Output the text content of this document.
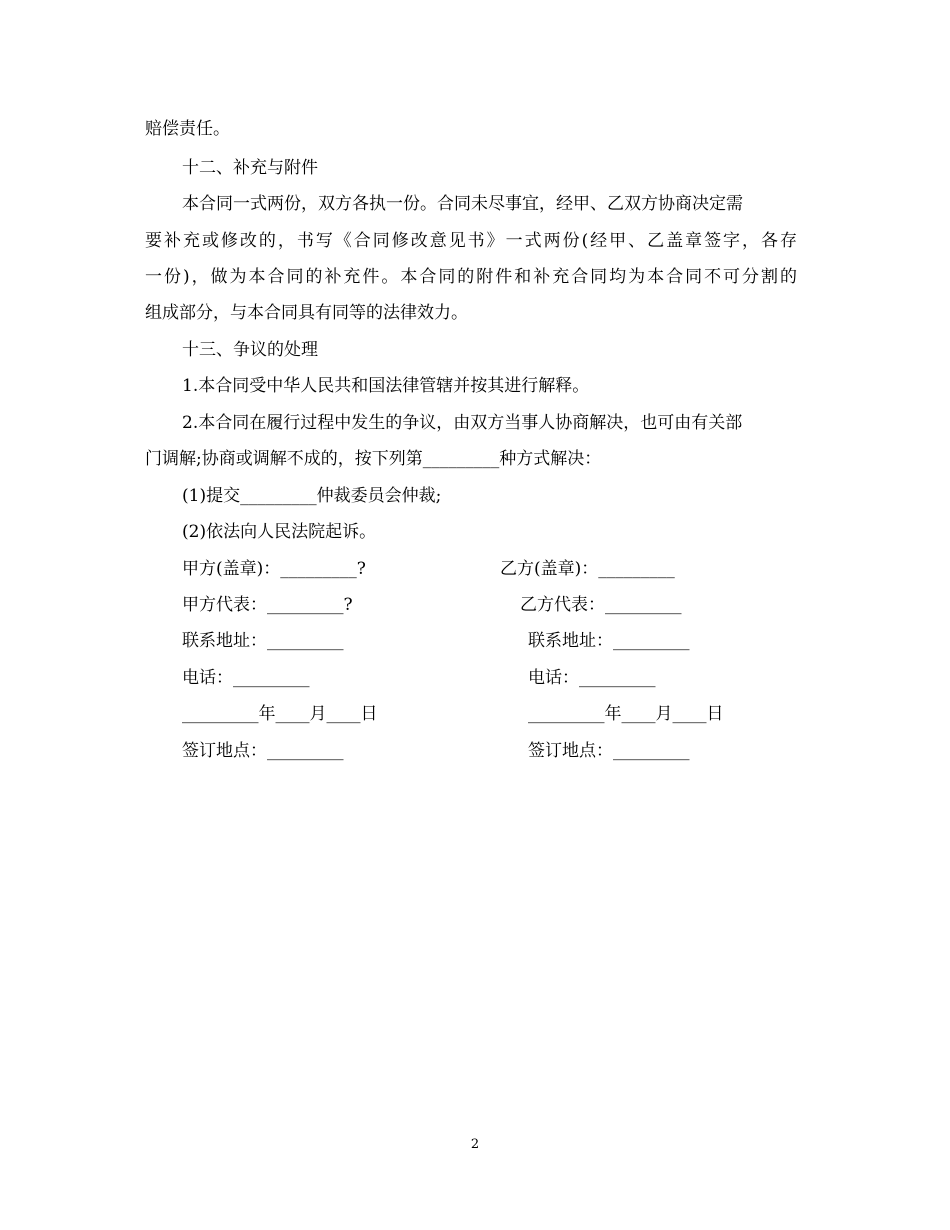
赔偿责任。
十二、补充与附件
本合同一式两份，双方各执一份。合同未尽事宜，经甲、乙双方协商决定需
要补充或修改的，书写《合同修改意见书》一式两份(经甲、乙盖章签字，各存
一份)，做为本合同的补充件。本合同的附件和补充合同均为本合同不可分割的
组成部分，与本合同具有同等的法律效力。
十三、争议的处理
1.本合同受中华人民共和国法律管辖并按其进行解释。
2.本合同在履行过程中发生的争议，由双方当事人协商解决，也可由有关部
门调解;协商或调解不成的，按下列第_________种方式解决：
(1)提交_________仲裁委员会仲裁;
(2)依法向人民法院起诉。
甲方(盖章)：_________?
甲方代表：_________?
联系地址：_________
电话：_________
_________年____月____日
签订地点：_________
乙方(盖章)：_________
乙方代表：_________
联系地址：_________
电话：_________
_________年____月____日
签订地点：_________
2
